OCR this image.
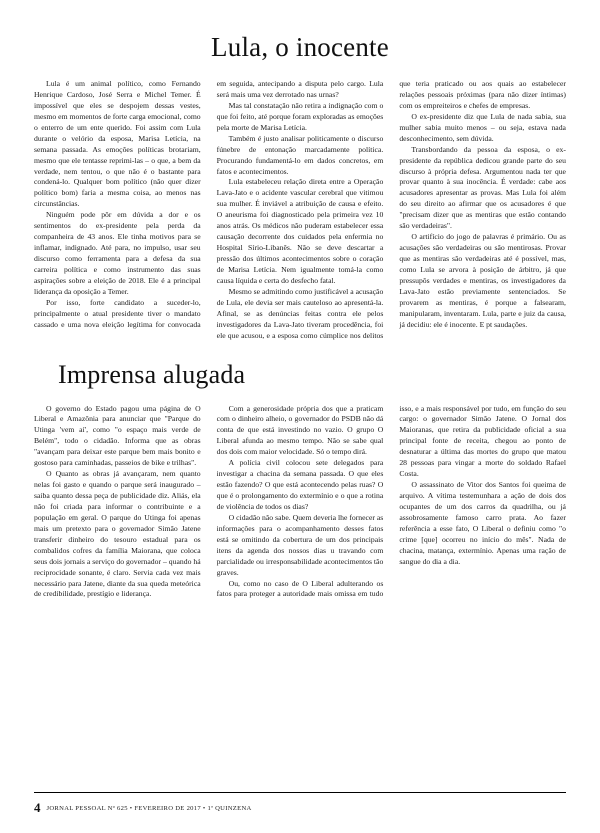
Lula, o inocente

Lula é um animal político, como Fernando Henrique Cardoso, José Serra e Michel Temer. É impossível que eles se despojem dessas vestes, mesmo em momentos de forte carga emocional, como o enterro de um ente querido. Foi assim com Lula durante o velório da esposa, Marisa Letícia, na semana passada. As emoções políticas brotariam, mesmo que ele tentasse reprimi-las – o que, a bem da verdade, nem tentou, o que não é o bastante para condená-lo. Qualquer bom político (não quer dizer político bom) faria a mesma coisa, ao menos nas circunstâncias.

Ninguém pode pôr em dúvida a dor e os sentimentos do ex-presidente pela perda da companheira de 43 anos. Ele tinha motivos para se inflamar, indignado. Até para, no impulso, usar seu discurso como ferramenta para a defesa da sua carreira política e como instrumento das suas aspirações sobre a eleição de 2018. Ele é a principal liderança da oposição a Temer.

Por isso, forte candidato a suceder-lo, principalmente o atual presidente tiver o mandato cassado e uma nova eleição legítima for convocada em seguida, antecipando a disputa pelo cargo. Lula será mais uma vez derrotado nas urnas?

Mas tal constatação não retira a indignação com o que foi feito, até porque foram exploradas as emoções pela morte de Marisa Letícia.

Também é justo analisar politicamente o discurso fúnebre de entonação marcadamente política. Procurando fundamentá-lo em dados concretos, em fatos e acontecimentos.

Lula estabeleceu relação direta entre a Operação Lava-Jato e o acidente vascular cerebral que vitimou sua mulher. É inviável a atribuição de causa e efeito. O aneurisma foi diagnosticado pela primeira vez 10 anos atrás. Os médicos não puderam estabelecer essa causação decorrente dos cuidados pela enfermia no Hospital Sírio-Libanês. Não se deve descartar a pressão dos últimos acontecimentos sobre o coração de Marisa Letícia. Nem igualmente tomá-la como causa líquida e certa do desfecho fatal.

Mesmo se admitindo como justificável a acusação de Lula, ele devia ser mais cauteloso ao apresentá-la. Afinal, se as denúncias feitas contra ele pelos investigadores da Lava-Jato tiveram procedência, foi ele que acusou, e a esposa como cúmplice nos delitos que teria praticado ou aos quais ao estabelecer relações pessoais próximas (para não dizer íntimas) com os empreiteiros e chefes de empresas.

O ex-presidente diz que Lula de nada sabia, sua mulher sabia muito menos – ou seja, estava nada desconhecimento, sem dúvida.

Transbordando da pessoa da esposa, o ex-presidente da república dedicou grande parte do seu discurso à própria defesa. Argumentou nada ter que provar quanto à sua inocência. É verdade: cabe aos acusadores apresentar as provas. Mas Lula foi além do seu direito ao afirmar que os acusadores é que "precisam dizer que as mentiras que estão contando são verdadeiras".

O artifício do jogo de palavras é primário. Ou as acusações são verdadeiras ou são mentirosas. Provar que as mentiras são verdadeiras até é possível, mas, como Lula se arvora à posição de árbitro, já que pressupôs verdades e mentiras, os investigadores da Lava-Jato estão previamente sentenciados. Se provarem as mentiras, é porque a falsearam, manipularam, inventaram. Lula, parte e juiz da causa, já decidiu: ele é inocente. E pt saudações.

Imprensa alugada

O governo do Estado pagou uma página de O Liberal e Amazônia para anunciar que "Parque do Utinga 'vem aí', como "o espaço mais verde de Belém", todo o cidadão. Informa que as obras "avançam para deixar este parque bem mais bonito e gostoso para caminhadas, passeios de bike e trilhas".

O Quanto as obras já avançaram, nem quanto nelas foi gasto e quando o parque será inaugurado – saiba quanto dessa peça de publicidade diz. Aliás, ela não foi criada para informar o contribuinte e a população em geral. O parque do Utinga foi apenas mais um pretexto para o governador Simão Jatene transferir dinheiro do tesouro estadual para os combalidos cofres da família Maiorana, que coloca seus dois jornais a serviço do governador – quando há reciprocidade sonante, é claro. Servia cada vez mais necessário para Jatene, diante da sua queda meteórica de credibilidade, prestígio e liderança.

Com a generosidade própria dos que a praticam com o dinheiro alheio, o governador do PSDB não dá conta de que está investindo no vazio. O grupo O Liberal afunda ao mesmo tempo. Não se sabe qual dos dois com maior velocidade. Só o tempo dirá.

A polícia civil colocou sete delegados para investigar a chacina da semana passada. O que eles estão fazendo? O que está acontecendo pelas ruas? O que é o prolongamento do extermínio e o que a rotina de violência de todos os dias?

O cidadão não sabe. Quem deveria lhe fornecer as informações para o acompanhamento desses fatos está se omitindo da cobertura de um dos principais itens da agenda dos nossos dias u travando com parcialidade ou irresponsabilidade acontecimentos tão graves.

Ou, como no caso de O Liberal adulterando os fatos para proteger a autoridade mais omissa em tudo isso, e a mais responsável por tudo, em função do seu cargo: o governador Simão Jatene. O Jornal dos Maioranas, que retira da publicidade oficial a sua principal fonte de receita, chegou ao ponto de desnaturar a última das mortes do grupo que matou 28 pessoas para vingar a morte do soldado Rafael Costa.

O assassinato de Vitor dos Santos foi queima de arquivo. A vítima testemunhara a ação de dois dos ocupantes de um dos carros da quadrilha, ou já assobrosamente famoso carro prata. Ao fazer referência a esse fato, O Liberal o definiu como "o crime [que] ocorreu no início do mês". Nada de chacina, matança, extermínio. Apenas uma ração de sangue do dia a dia.

4 JORNAL PESSOAL Nº 625 • FEVEREIRO DE 2017 • 1ª QUINZENA
